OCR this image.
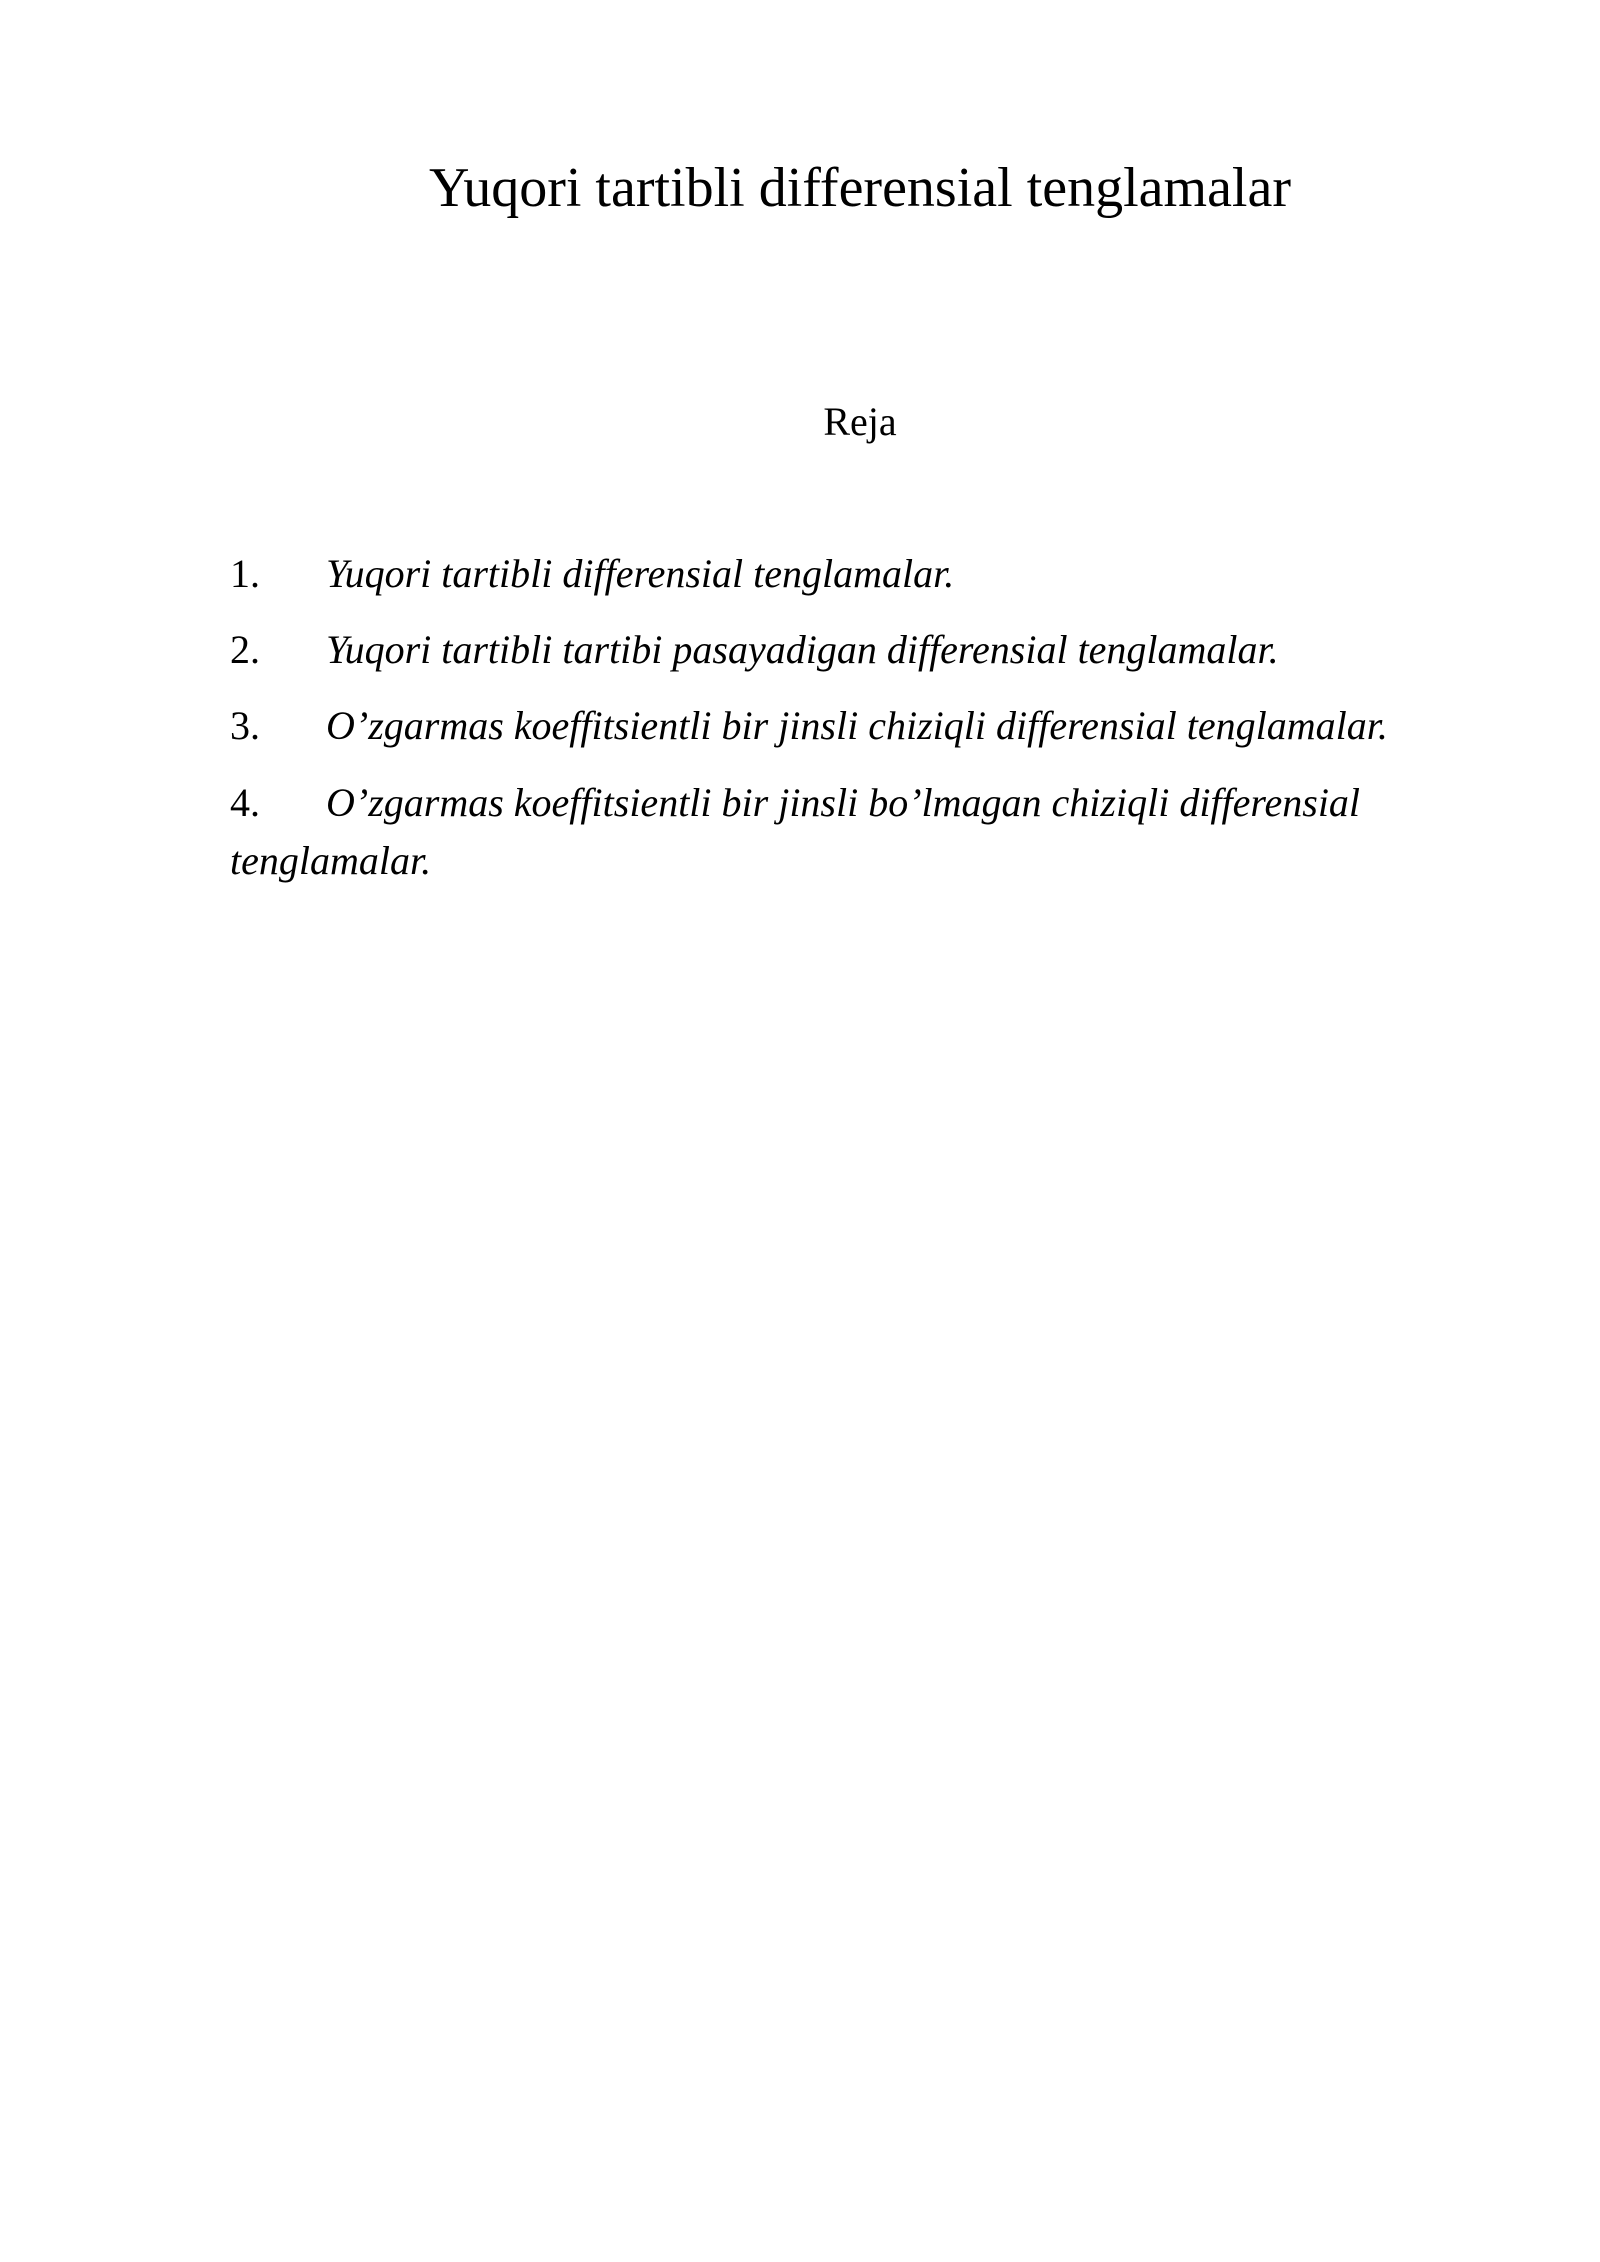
Yuqori tartibli differensial tenglamalar

Reja

1. Yuqori tartibli differensial tenglamalar.
2. Yuqori tartibli tartibi pasayadigan differensial tenglamalar.
3. O’zgarmas koeffitsientli bir jinsli chiziqli differensial tenglamalar.
4. O’zgarmas koeffitsientli bir jinsli bo’lmagan chiziqli differensial tenglamalar.
